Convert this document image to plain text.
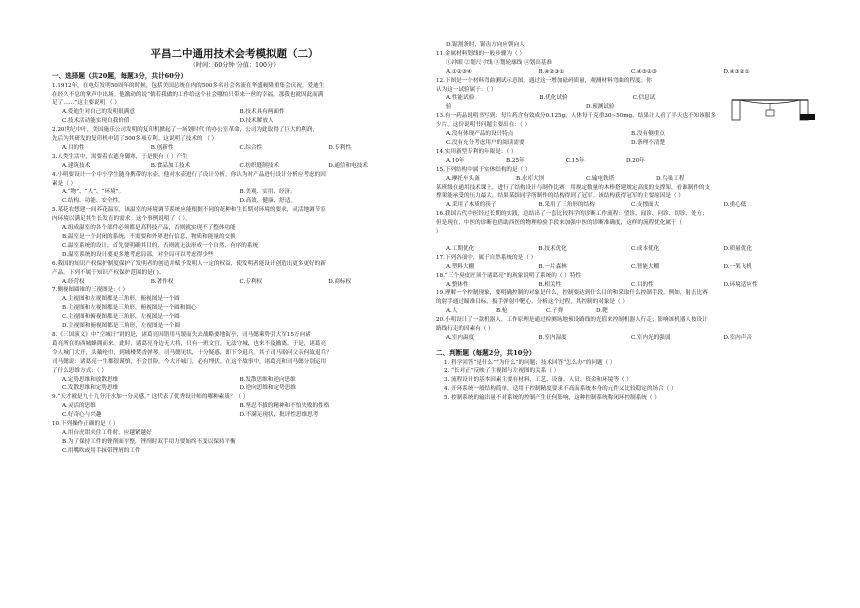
平昌二中通用技术会考模拟题（二）
（时间：60分钟 分值：100分）
一、选择题（共20题，每题3分，共计60分）
1.1912年，在电灯发明50周年的时候，包括美国总统在内的500多名社会名流在华盛顿隆重集会庆祝。爱迪生
在经久不息的掌声中出场。他激动的说“倘若我做的工作给这个社会哪怕只带来一丝的幸福，那我也就因此而满
足了……”这主要说明 （ ）
A.爱迪生对自己的发明很满意	B.技术具有两面性
C.技术活动能实现自我价值	D.技术解放人
2.20世纪中叶，美国施乐公司发明的复印机掀起了一场划时代 的办公室革命，公司为此取得了巨大的利润，
先后为其研发的复印机申请了500多项专利。这说明了技术的 （ ）
A.目的性	B.创新性	C.综合性	D.专利性
3.人类生活中，需要着衣遮身御寒，于是便有（ ）产生
A.建筑技术	B.食品加工技术	C.纺织缝制技术	D.通信和电技术
4.小明要设计一个中小学生随身携带的水壶，他对水壶进行了设计分析，你认为对产品进行设计分析应考虑的因
素是（ ）
A.“物”、“人”、“环境”。	B.美观、实用、经济。
C.结构、功能、安全性。	D.高效、健康、舒适。
5.某花农想建一间养花温室，该温室的环境调节系统应能根据不同的花种和生长期对环境的要求，灵活地调节室
内环境以满足其生长发育的需求。这个事例说明了（ ）。
A.组成温室的各个部件必须都是高科技产品，否则就实现不了整体功能
B.温室是一个封闭的系统，不需要和外界进行信息、物质和能量的交换
C.温室系统的设计，首先要明确其目的，否则就无法形成一个自然、有序的系统
D.温室系统的设计要更多地考虑局部，对全局可以考虑得少些
6.我国的知识产权保护制度保护了发明者的创造并赋予发明人一定的权益，使发明者能设计创造出更多更好的新
产品。下列不属于知识产权保护范围的是( )。
A.经营权	B.著作权	C.专利权	D.商标权
7.侧视图圆锥的三视图是:（ ）
A.主视图和左视图都是三角形，俯视图是一个圆
B.主视图和左视图都是三角形，俯视图是一个圆和圆心
C.主视图和俯视图都是三角形，左视图是一个圆
D.主视图和俯视图都是三角形，左视图是一个圆
8.《三国演义》中“空城计”讲的是，诸葛亮因错用马谡而失去战略要地街亭，司马懿乘势引大军15万向诸
葛亮所在的西城蜂拥而来。此时，诸葛亮身边无大将，只有一班文官，无法守城，也来不及撤离。于是，诸葛亮
令人城门大开，头戴纶巾，到城楼焚香弹琴。司马懿见状，十分疑惑，即下令退兵。其子司马昭问父亲何故退兵？
司马懿说：诸葛亮一生都很谨慎，不会冒险。今大开城门，必有埋伏。在这个故事中，诸葛亮和司马懿分别运用
了什么思维方式：（ ）
A.定势思维和放散思维	B.发散思维和逆向思维
C.发散思维和定势思维	D.逆向思维和定势思维
9.“天才就是九十九分汗水加一分灵感。” 这代表了优秀设计师的哪种素质？（ ）
A.灵活的思维	B.坚忍不拔的精神和不怕失败的性格
C.好奇心与兴趣	D.不满足现状，批评性思维思考
10.下列操作正确的是（ ）
A.用台虎钳夹住工件时，应越紧越好
B.为了保持工件的锉削面平整，锉削时双手用力要始终不变以保持平衡
C.用嘴吹或用手抹带锉屑的工件
D.锯割条时，锯齿方向应朝向人
11.金属材料划线的一般步骤为（ ）
①冲眼 ②划尺寸线 ③划轮廓线 ④划出基准
A.①②③④	B.④②③①	C.④③②③	D.④③②①
12.下图是一个材料弯曲测试示意图，通过这一增加砝码质量，观测材料弯曲的程度；你
认为这一试验属于：（ ）
A.性能试验	B.优化试验	C.信息试
验	D.预测试验
13.有一药品说明书写到：每片药含有效成分0.125g，人体每千克重30~50mg，结果让人看了半天也不知该服多
少片。这份说明书问题主要出在：（ ）
A.没有体现产品的设计特点	B.没有侧重点
C.没有充分考虑用户的阅读需要	D.条理不清楚
14.实用新型专利的年限是：（ ）
A.10年	B.25年	C.15年	D.20年
15.下列结构中属于实体结构的是（ ）
A.摩托车头盔	B.水库大坝	C.输电铁塔	D.鸟巢工程
某班级在通用技术课上，进行了结构设计与制作比赛：用规定数量的木棒搭建规定高度的支撑架，看谁制作的支
撑架能承受的压力最大，结果某组同学所制作的结构得到了冠军。该结构获得冠军的主要原因是（ ）
A.采用了木质的筷子	B.采用了三角形的结构	C.支撑面大	D.重心低
16.我国古代中医经过长期的实践，总结出了一套比较科学的诊断工作流程：望诊、闻诊、问诊、切诊、处方；
但是现在，中医的诊断也借助西医的物理检验手段来加强中医的诊断准确度，这样的流程优化属于（
）
A.工期优化	B.技术优化	C.成本优化	D.质量优化
17.下列各项中，属于自然系统的是（ ）
A.塑料大棚	B.一片森林	C.智能大棚	D.一架飞机
18.“三个臭皮匠顶个诸葛亮”的现象说明了系统的（ ）特性
A.整体性	B.相关性	C.目的性	D.环境适应性
19.理解一个控制现象，要明确控制的对象是什么，控制要达到什么目的和采取什么控制手段。例如，射击比赛
的射手通过瞄准目标，扳手弹射中靶心，分析这个过程，其控制的对象是（ ）
A.人	B.枪	C.子弹	D.靶
20.小明设计了一款机器人，工作原理是通过检测场地预设路线的光值来控制机器人行走；影响该机器人按设计
路线行走的因素有（ ）
A.室内温度	B.室内湿度	C.室内光的强弱	D.室内声音
二、判断题（每题2分，共10分）
1. 科学回答“是什么”“为什么”的问题；技术回答“怎么办”的问题（ ）
2. “长对正”反映了主视图与左视图的关系（ ）
3. 流程设计的基本因素主要有材料、工艺、设备、人员、资金和环境等（ ）
4. 开环系统一般结构简单，适用于控制精度要求不高而系统本身的元件又比较稳定的场合（ ）
5. 控制系统的输出量不对系统的控制产生任何影响，这种控制系统称闭环控制系统（ ）
